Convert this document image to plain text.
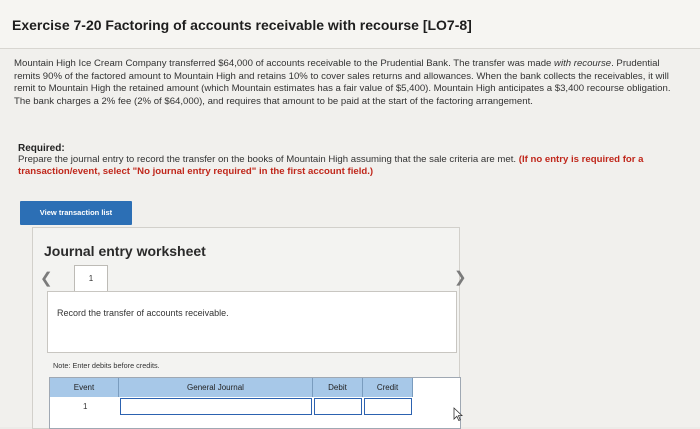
Exercise 7-20 Factoring of accounts receivable with recourse [LO7-8]
Mountain High Ice Cream Company transferred $64,000 of accounts receivable to the Prudential Bank. The transfer was made with recourse. Prudential remits 90% of the factored amount to Mountain High and retains 10% to cover sales returns and allowances. When the bank collects the receivables, it will remit to Mountain High the retained amount (which Mountain estimates has a fair value of $5,400). Mountain High anticipates a $3,400 recourse obligation. The bank charges a 2% fee (2% of $64,000), and requires that amount to be paid at the start of the factoring arrangement.
Required:
Prepare the journal entry to record the transfer on the books of Mountain High assuming that the sale criteria are met. (If no entry is required for a transaction/event, select "No journal entry required" in the first account field.)
View transaction list
Journal entry worksheet
❮	1	❯
Record the transfer of accounts receivable.
Note: Enter debits before credits.
Event	General Journal	Debit	Credit
1
